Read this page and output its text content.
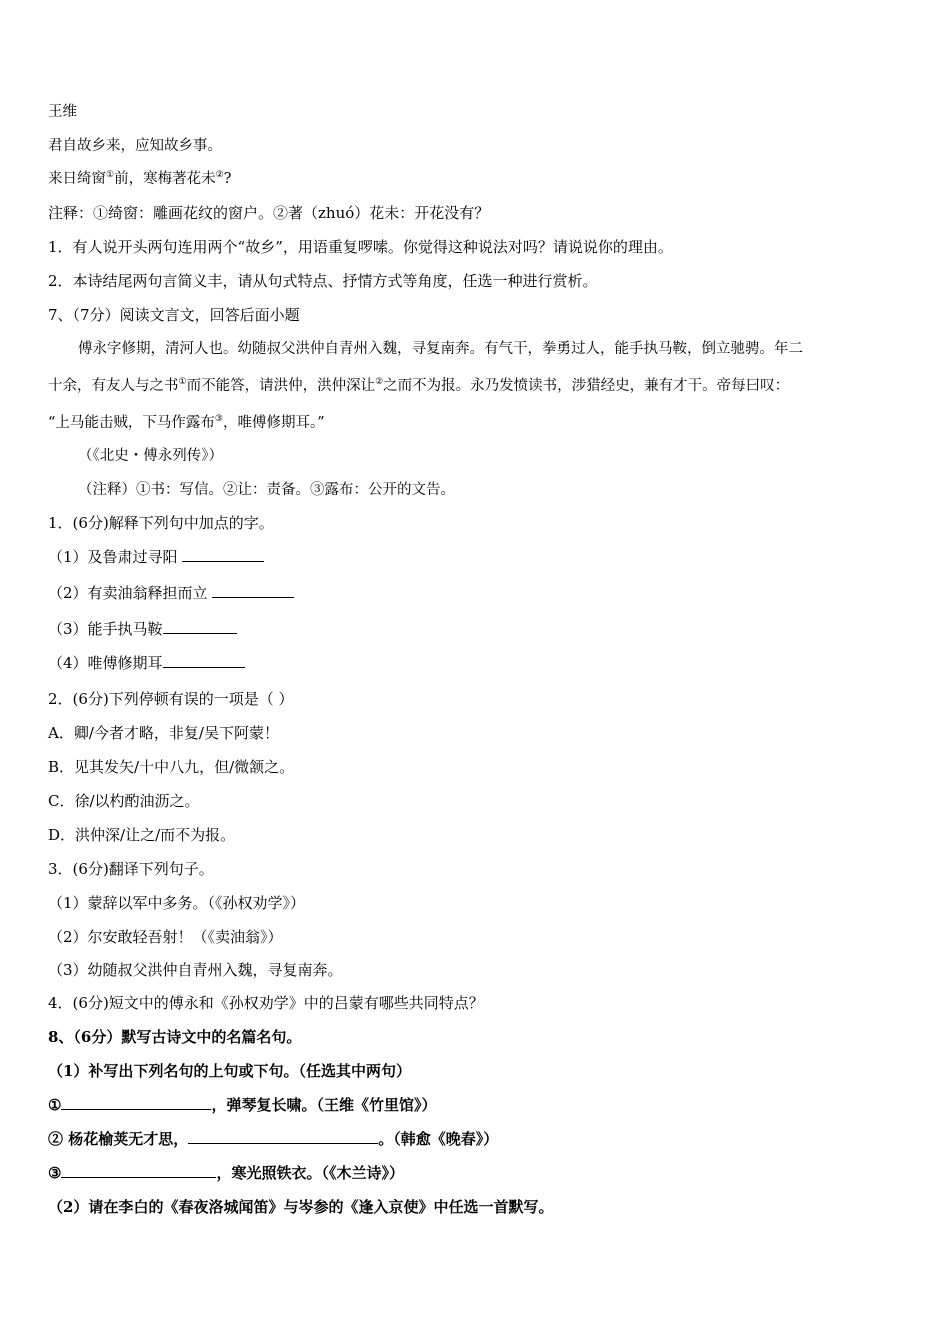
王维
君自故乡来，应知故乡事。
来日绮窗①前，寒梅著花未②?
注释：①绮窗：雕画花纹的窗户。②著（zhuó）花未：开花没有？
1．有人说开头两句连用两个“故乡”，用语重复啰嗦。你觉得这种说法对吗？请说说你的理由。
2．本诗结尾两句言简义丰，请从句式特点、抒情方式等角度，任选一种进行赏析。
7、（7分）阅读文言文，回答后面小题
傅永字修期，清河人也。幼随叔父洪仲自青州入魏，寻复南奔。有气干，拳勇过人，能手执马鞍，倒立驰骋。年二
十余，有友人与之书①而不能答，请洪仲，洪仲深让②之而不为报。永乃发愤读书，涉猎经史，兼有才干。帝每曰叹：
“上马能击贼，下马作露布③，唯傅修期耳。”
（《北史・傅永列传》）
（注释）①书：写信。②让：责备。③露布：公开的文告。
1．(6分)解释下列句中加点的字。
（1）及鲁肃过寻阳
（2）有卖油翁释担而立
（3）能手执马鞍
（4）唯傅修期耳
2．(6分)下列停顿有误的一项是（ ）
A．卿/今者才略，非复/吴下阿蒙！
B．见其发矢/十中八九，但/微颔之。
C．徐/以杓酌油沥之。
D．洪仲深/让之/而不为报。
3．(6分)翻译下列句子。
（1）蒙辞以军中多务。（《孙权劝学》）
（2）尔安敢轻吾射！（《卖油翁》）
（3）幼随叔父洪仲自青州入魏，寻复南奔。
4．(6分)短文中的傅永和《孙权劝学》中的吕蒙有哪些共同特点？
8、（6分）默写古诗文中的名篇名句。
（1）补写出下列名句的上句或下句。（任选其中两句）
①	，弹琴复长啸。（王维《竹里馆》）
② 杨花榆荚无才思，	。（韩愈《晚春》）
③	，寒光照铁衣。（《木兰诗》）
（2）请在李白的《春夜洛城闻笛》与岑参的《逢入京使》中任选一首默写。
